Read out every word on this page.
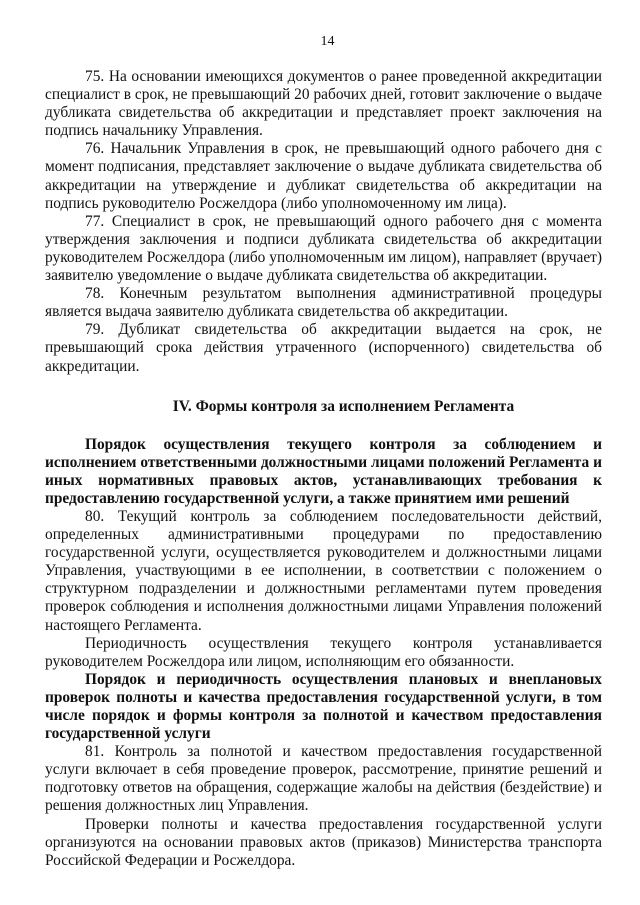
14

75. На основании имеющихся документов о ранее проведенной аккредитации специалист в срок, не превышающий 20 рабочих дней, готовит заключение о выдаче дубликата свидетельства об аккредитации и представляет проект заключения на подпись начальнику Управления.

76. Начальник Управления в срок, не превышающий одного рабочего дня с момент подписания, представляет заключение о выдаче дубликата свидетельства об аккредитации на утверждение и дубликат свидетельства об аккредитации на подпись руководителю Росжелдора (либо уполномоченному им лица).

77. Специалист в срок, не превышающий одного рабочего дня с момента утверждения заключения и подписи дубликата свидетельства об аккредитации руководителем Росжелдора (либо уполномоченным им лицом), направляет (вручает) заявителю уведомление о выдаче дубликата свидетельства об аккредитации.

78. Конечным результатом выполнения административной процедуры является выдача заявителю дубликата свидетельства об аккредитации.

79. Дубликат свидетельства об аккредитации выдается на срок, не превышающий срока действия утраченного (испорченного) свидетельства об аккредитации.

IV. Формы контроля за исполнением Регламента

Порядок осуществления текущего контроля за соблюдением и исполнением ответственными должностными лицами положений Регламента и иных нормативных правовых актов, устанавливающих требования к предоставлению государственной услуги, а также принятием ими решений

80. Текущий контроль за соблюдением последовательности действий, определенных административными процедурами по предоставлению государственной услуги, осуществляется руководителем и должностными лицами Управления, участвующими в ее исполнении, в соответствии с положением о структурном подразделении и должностными регламентами путем проведения проверок соблюдения и исполнения должностными лицами Управления положений настоящего Регламента.

Периодичность осуществления текущего контроля устанавливается руководителем Росжелдора или лицом, исполняющим его обязанности.

Порядок и периодичность осуществления плановых и внеплановых проверок полноты и качества предоставления государственной услуги, в том числе порядок и формы контроля за полнотой и качеством предоставления государственной услуги

81. Контроль за полнотой и качеством предоставления государственной услуги включает в себя проведение проверок, рассмотрение, принятие решений и подготовку ответов на обращения, содержащие жалобы на действия (бездействие) и решения должностных лиц Управления.

Проверки полноты и качества предоставления государственной услуги организуются на основании правовых актов (приказов) Министерства транспорта Российской Федерации и Росжелдора.
